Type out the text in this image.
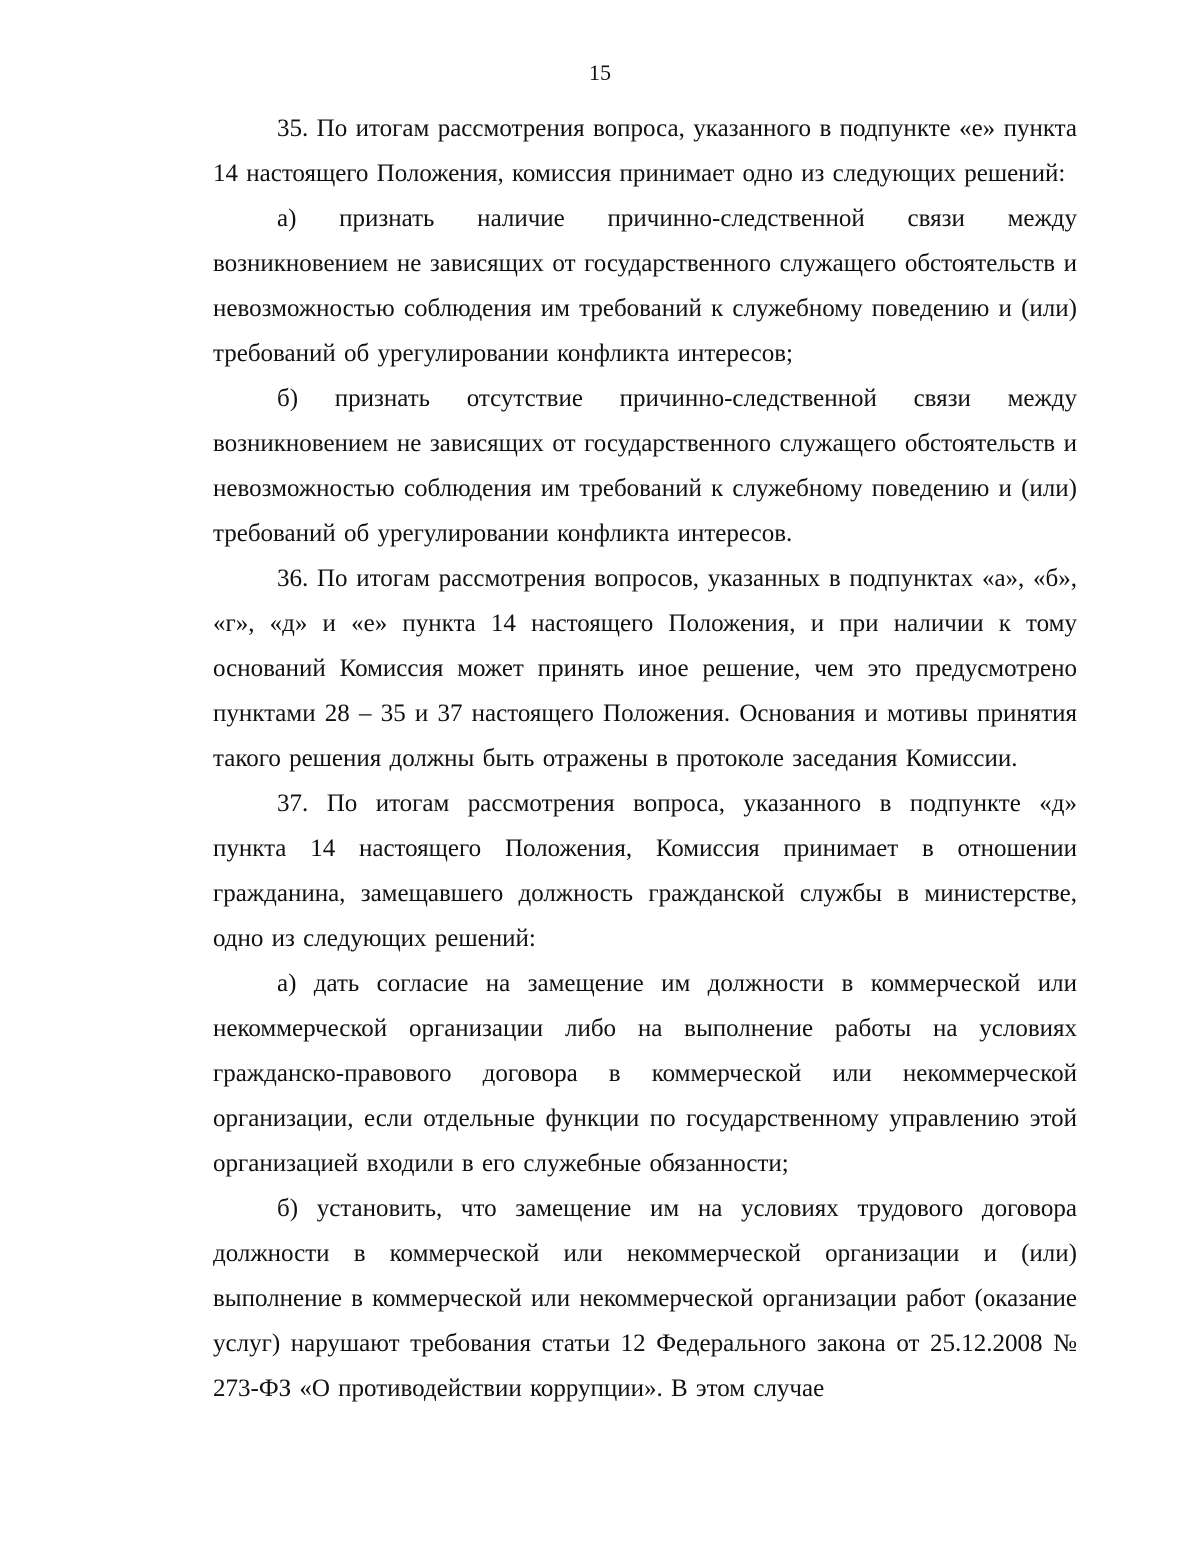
15

35. По итогам рассмотрения вопроса, указанного в подпункте «е» пункта 14 настоящего Положения, комиссия принимает одно из следующих решений:

а) признать наличие причинно-следственной связи между возникновением не зависящих от государственного служащего обстоятельств и невозможностью соблюдения им требований к служебному поведению и (или) требований об урегулировании конфликта интересов;

б) признать отсутствие причинно-следственной связи между возникновением не зависящих от государственного служащего обстоятельств и невозможностью соблюдения им требований к служебному поведению и (или) требований об урегулировании конфликта интересов.

36. По итогам рассмотрения вопросов, указанных в подпунктах «а», «б», «г», «д» и «е» пункта 14 настоящего Положения, и при наличии к тому оснований Комиссия может принять иное решение, чем это предусмотрено пунктами 28 – 35 и 37 настоящего Положения. Основания и мотивы принятия такого решения должны быть отражены в протоколе заседания Комиссии.

37. По итогам рассмотрения вопроса, указанного в подпункте «д» пункта 14 настоящего Положения, Комиссия принимает в отношении гражданина, замещавшего должность гражданской службы в министерстве, одно из следующих решений:

а) дать согласие на замещение им должности в коммерческой или некоммерческой организации либо на выполнение работы на условиях гражданско-правового договора в коммерческой или некоммерческой организации, если отдельные функции по государственному управлению этой организацией входили в его служебные обязанности;

б) установить, что замещение им на условиях трудового договора должности в коммерческой или некоммерческой организации и (или) выполнение в коммерческой или некоммерческой организации работ (оказание услуг) нарушают требования статьи 12 Федерального закона от 25.12.2008 № 273-ФЗ «О противодействии коррупции». В этом случае
